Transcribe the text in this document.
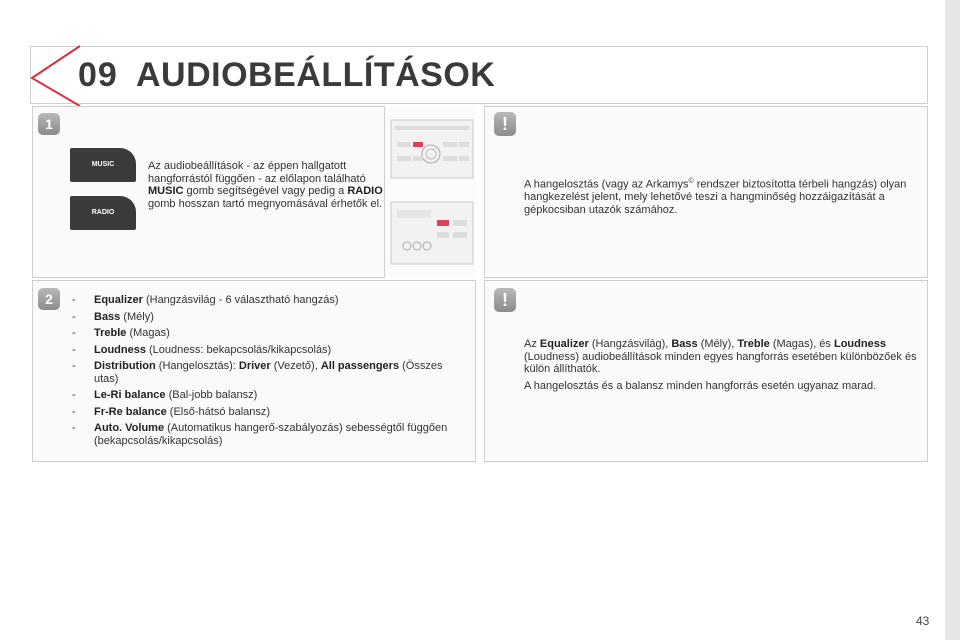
09 AUDIOBEÁLLÍTÁSOK
1
MUSIC
RADIO
Az audiobeállítások - az éppen hallgatott hangforrástól függően - az előlapon található MUSIC gomb segítségével vagy pedig a RADIO gomb hosszan tartó megnyomásával érhetők el.
2	- Equalizer (Hangzásvilág - 6 választható hangzás)
- Bass (Mély)
- Treble (Magas)
- Loudness (Loudness: bekapcsolás/kikapcsolás)
- Distribution (Hangelosztás): Driver (Vezető), All passengers (Összes utas)
- Le-Ri balance (Bal-jobb balansz)
- Fr-Re balance (Első-hátsó balansz)
- Auto. Volume (Automatikus hangerő-szabályozás) sebességtől függően (bekapcsolás/kikapcsolás)
!
A hangelosztás (vagy az Arkamys© rendszer biztosította térbeli hangzás) olyan hangkezelést jelent, mely lehetővé teszi a hangminőség hozzáigazítását a gépkocsiban utazók számához.
!
Az Equalizer (Hangzásvilág), Bass (Mély), Treble (Magas), és Loudness (Loudness) audiobeállítások minden egyes hangforrás esetében különbözőek és külön állíthatók.
A hangelosztás és a balansz minden hangforrás esetén ugyanaz marad.
43
